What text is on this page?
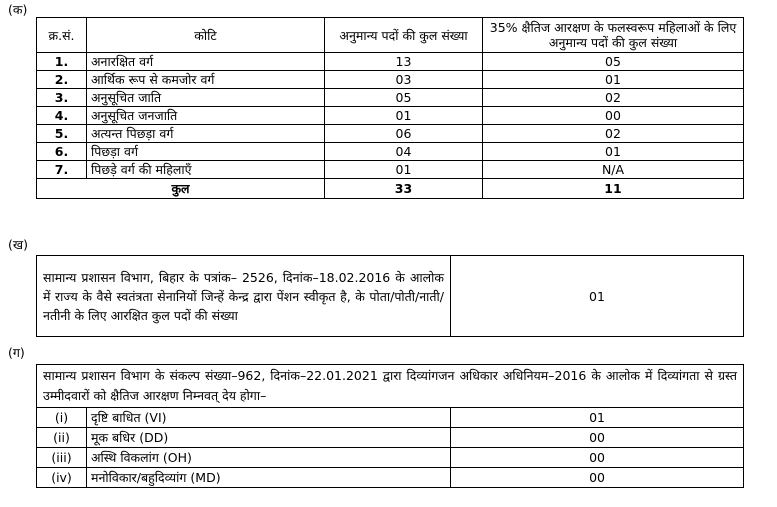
(क)
क्र.सं.	कोटि	अनुमान्य पदों की कुल संख्या	35% क्षैतिज आरक्षण के फलस्वरूप महिलाओं के लिए अनुमान्य पदों की कुल संख्या
1.	अनारक्षित वर्ग	13	05
2.	आर्थिक रूप से कमजोर वर्ग	03	01
3.	अनुसूचित जाति	05	02
4.	अनुसूचित जनजाति	01	00
5.	अत्यन्त पिछड़ा वर्ग	06	02
6.	पिछड़ा वर्ग	04	01
7.	पिछड़े वर्ग की महिलाएँ	01	N/A
कुल		33	11
(ख)
सामान्य प्रशासन विभाग, बिहार के पत्रांक– 2526, दिनांक–18.02.2016 के आलोक में राज्य के वैसे स्वतंत्रता सेनानियों जिन्हें केन्द्र द्वारा पेंशन स्वीकृत है, के पोता/पोती/नाती/ नतीनी के लिए आरक्षित कुल पदों की संख्या	01
(ग)
सामान्य प्रशासन विभाग के संकल्प संख्या–962, दिनांक–22.01.2021 द्वारा दिव्यांगजन अधिकार अधिनियम–2016 के आलोक में दिव्यांगता से ग्रस्त उम्मीदवारों को क्षैतिज आरक्षण निम्नवत् देय होगा–		
(i)	दृष्टि बाधित (VI)	01
(ii)	मूक बधिर (DD)	00
(iii)	अस्थि विकलांग (OH)	00
(iv)	मनोविकार/बहुदिव्यांग (MD)	00
